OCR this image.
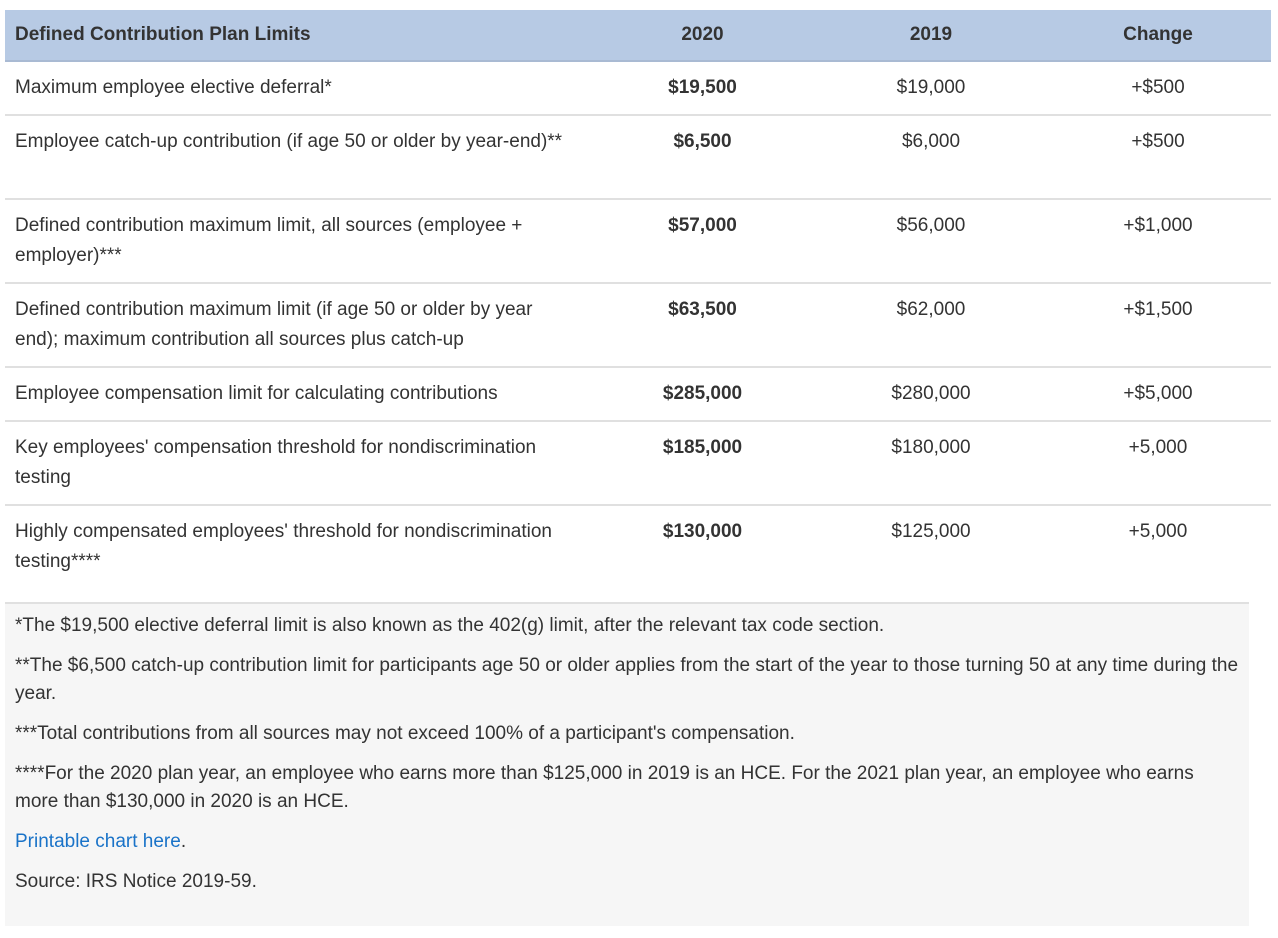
Defined Contribution Plan Limits	2020	2019	Change
Maximum employee elective deferral*	$19,500	$19,000	+$500
Employee catch-up contribution (if age 50 or older by year-end)**	$6,500	$6,000	+$500
Defined contribution maximum limit, all sources (employee + employer)***	$57,000	$56,000	+$1,000
Defined contribution maximum limit (if age 50 or older by year end); maximum contribution all sources plus catch-up	$63,500	$62,000	+$1,500
Employee compensation limit for calculating contributions	$285,000	$280,000	+$5,000
Key employees' compensation threshold for nondiscrimination testing	$185,000	$180,000	+5,000
Highly compensated employees' threshold for nondiscrimination testing****	$130,000	$125,000	+5,000

*The $19,500 elective deferral limit is also known as the 402(g) limit, after the relevant tax code section.

**The $6,500 catch-up contribution limit for participants age 50 or older applies from the start of the year to those turning 50 at any time during the year.

***Total contributions from all sources may not exceed 100% of a participant's compensation.

****For the 2020 plan year, an employee who earns more than $125,000 in 2019 is an HCE. For the 2021 plan year, an employee who earns more than $130,000 in 2020 is an HCE.

Printable chart here.

Source: IRS Notice 2019-59.
